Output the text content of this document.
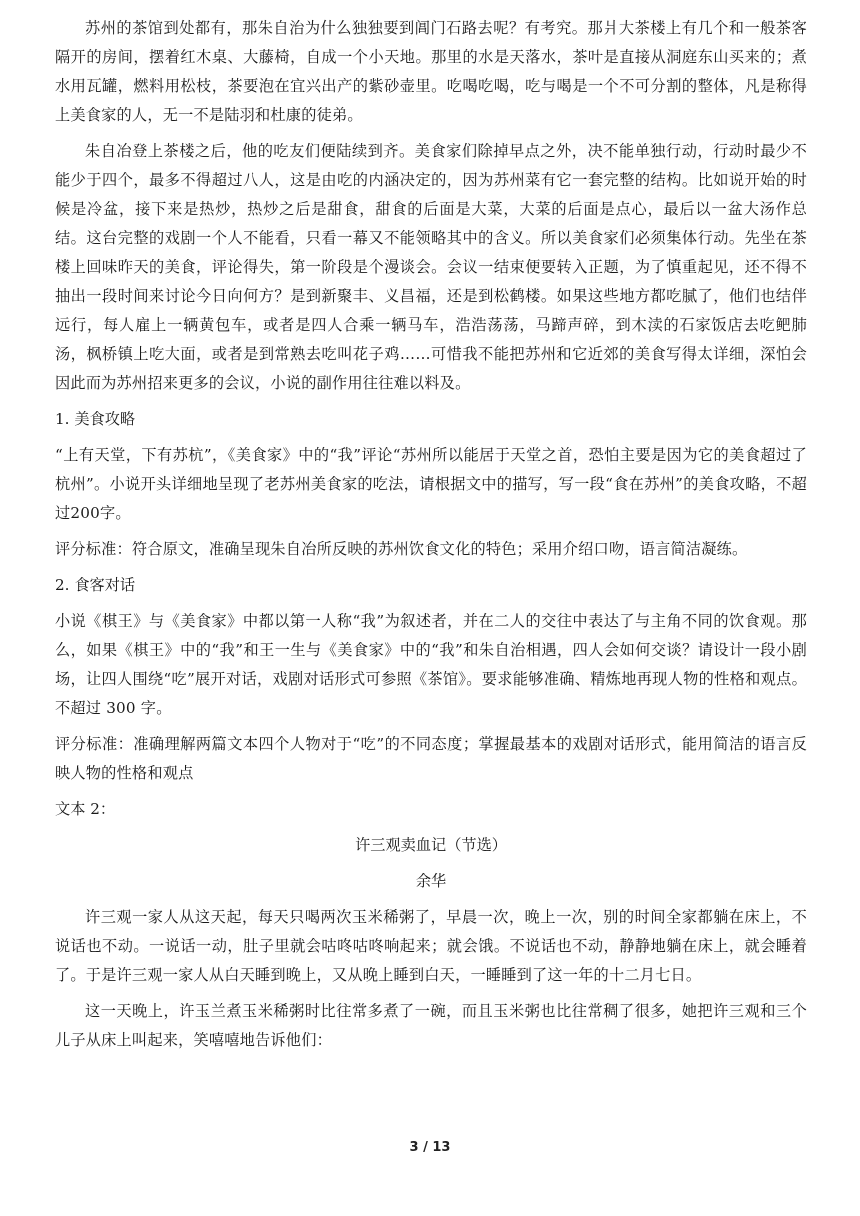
苏州的茶馆到处都有，那朱自治为什么独独要到阊门石路去呢？有考究。那爿大茶楼上有几个和一般茶客隔开的房间，摆着红木桌、大藤椅，自成一个小天地。那里的水是天落水，茶叶是直接从洞庭东山买来的；煮水用瓦罐，燃料用松枝，茶要泡在宜兴出产的紫砂壶里。吃喝吃喝，吃与喝是一个不可分割的整体，凡是称得上美食家的人，无一不是陆羽和杜康的徒弟。

朱自冶登上茶楼之后，他的吃友们便陆续到齐。美食家们除掉早点之外，决不能单独行动，行动时最少不能少于四个，最多不得超过八人，这是由吃的内涵决定的，因为苏州菜有它一套完整的结构。比如说开始的时候是冷盆，接下来是热炒，热炒之后是甜食，甜食的后面是大菜，大菜的后面是点心，最后以一盆大汤作总结。这台完整的戏剧一个人不能看，只看一幕又不能领略其中的含义。所以美食家们必须集体行动。先坐在茶楼上回味昨天的美食，评论得失，第一阶段是个漫谈会。会议一结束便要转入正题，为了慎重起见，还不得不抽出一段时间来讨论今日向何方？是到新聚丰、义昌福，还是到松鹤楼。如果这些地方都吃腻了，他们也结伴远行，每人雇上一辆黄包车，或者是四人合乘一辆马车，浩浩荡荡，马蹄声碎，到木渎的石家饭店去吃鲃肺汤，枫桥镇上吃大面，或者是到常熟去吃叫花子鸡……可惜我不能把苏州和它近郊的美食写得太详细，深怕会因此而为苏州招来更多的会议，小说的副作用往往难以料及。

1. 美食攻略

“上有天堂，下有苏杭”，《美食家》中的“我”评论“苏州所以能居于天堂之首，恐怕主要是因为它的美食超过了杭州”。小说开头详细地呈现了老苏州美食家的吃法，请根据文中的描写，写一段“食在苏州”的美食攻略，不超过200字。

评分标准：符合原文，准确呈现朱自冶所反映的苏州饮食文化的特色；采用介绍口吻，语言简洁凝练。

2. 食客对话

小说《棋王》与《美食家》中都以第一人称“我”为叙述者，并在二人的交往中表达了与主角不同的饮食观。那么，如果《棋王》中的“我”和王一生与《美食家》中的“我”和朱自治相遇，四人会如何交谈？请设计一段小剧场，让四人围绕“吃”展开对话，戏剧对话形式可参照《茶馆》。要求能够准确、精炼地再现人物的性格和观点。不超过 300 字。

评分标准：准确理解两篇文本四个人物对于“吃”的不同态度；掌握最基本的戏剧对话形式，能用简洁的语言反映人物的性格和观点

文本 2：

许三观卖血记（节选）

余华

许三观一家人从这天起，每天只喝两次玉米稀粥了，早晨一次，晚上一次，别的时间全家都躺在床上，不说话也不动。一说话一动，肚子里就会咕咚咕咚响起来；就会饿。不说话也不动，静静地躺在床上，就会睡着了。于是许三观一家人从白天睡到晚上，又从晚上睡到白天，一睡睡到了这一年的十二月七日。

这一天晚上，许玉兰煮玉米稀粥时比往常多煮了一碗，而且玉米粥也比往常稠了很多，她把许三观和三个儿子从床上叫起来，笑嘻嘻地告诉他们：

3 / 13
